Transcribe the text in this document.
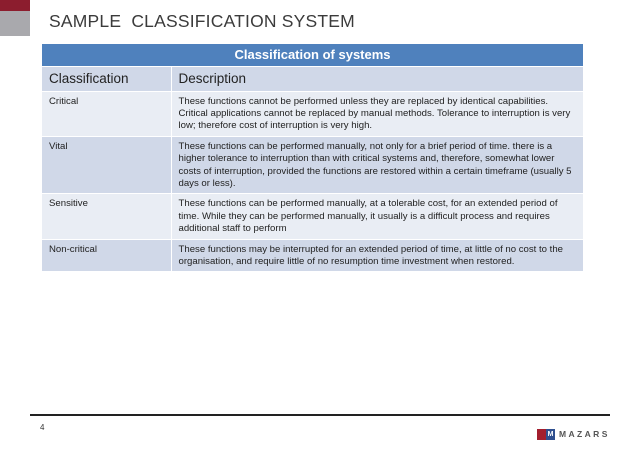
SAMPLE  CLASSIFICATION SYSTEM
Classification of systems	
Classification	Description
Critical	These functions cannot be performed unless they are replaced by identical capabilities. Critical applications cannot be replaced by manual methods. Tolerance to interruption is very low; therefore cost of interruption is very high.
Vital	These functions can be performed manually, not only for a brief period of time. there is a higher tolerance to interruption than with critical systems and, therefore, somewhat lower costs of interruption, provided the functions are restored within a certain timeframe (usually 5 days or less).
Sensitive	These functions can be performed manually, at a tolerable cost, for an extended period of time. While they can be performed manually, it usually is a difficult process and requires additional staff to perform
Non-critical	These functions may be interrupted for an extended period of time, at little of no cost to the organisation, and require little of no resumption time investment when restored.
4
M MAZARS
